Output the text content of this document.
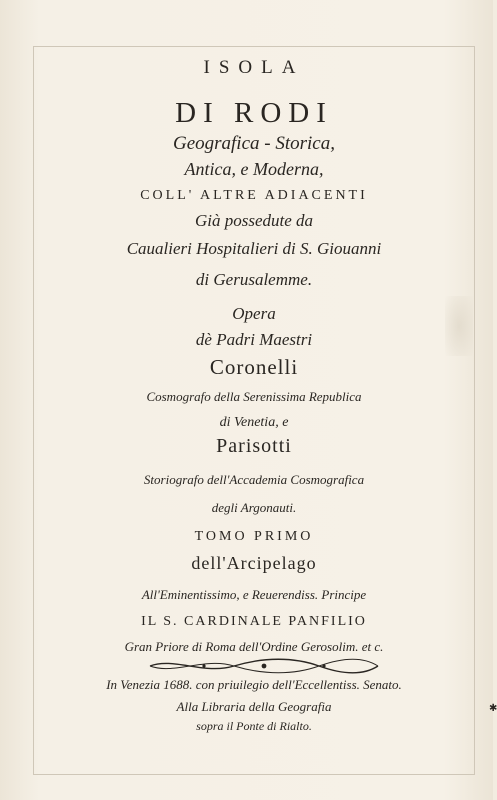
ISOLA
DI RODI
Geografica - Storica,
Antica, e Moderna,
COLL' ALTRE ADIACENTI
Già possedute da
Caualieri Hospitalieri di S. Giouanni
di Gerusalemme.
Opera
dè Padri Maestri
Coronelli
Cosmografo della Serenissima Republica
di Venetia, e
Parisotti
Storiografo dell'Accademia Cosmografica
degli Argonauti.
TOMO PRIMO
dell'Arcipelago
All'Eminentissimo, e Reuerendiss. Principe
IL S. CARDINALE PANFILIO
Gran Priore di Roma dell'Ordine Gerosolim. et c.
In Venezia 1688. con priuilegio dell'Eccellentiss. Senato.
Alla Libraria della Geografia
sopra il Ponte di Rialto.
✱
